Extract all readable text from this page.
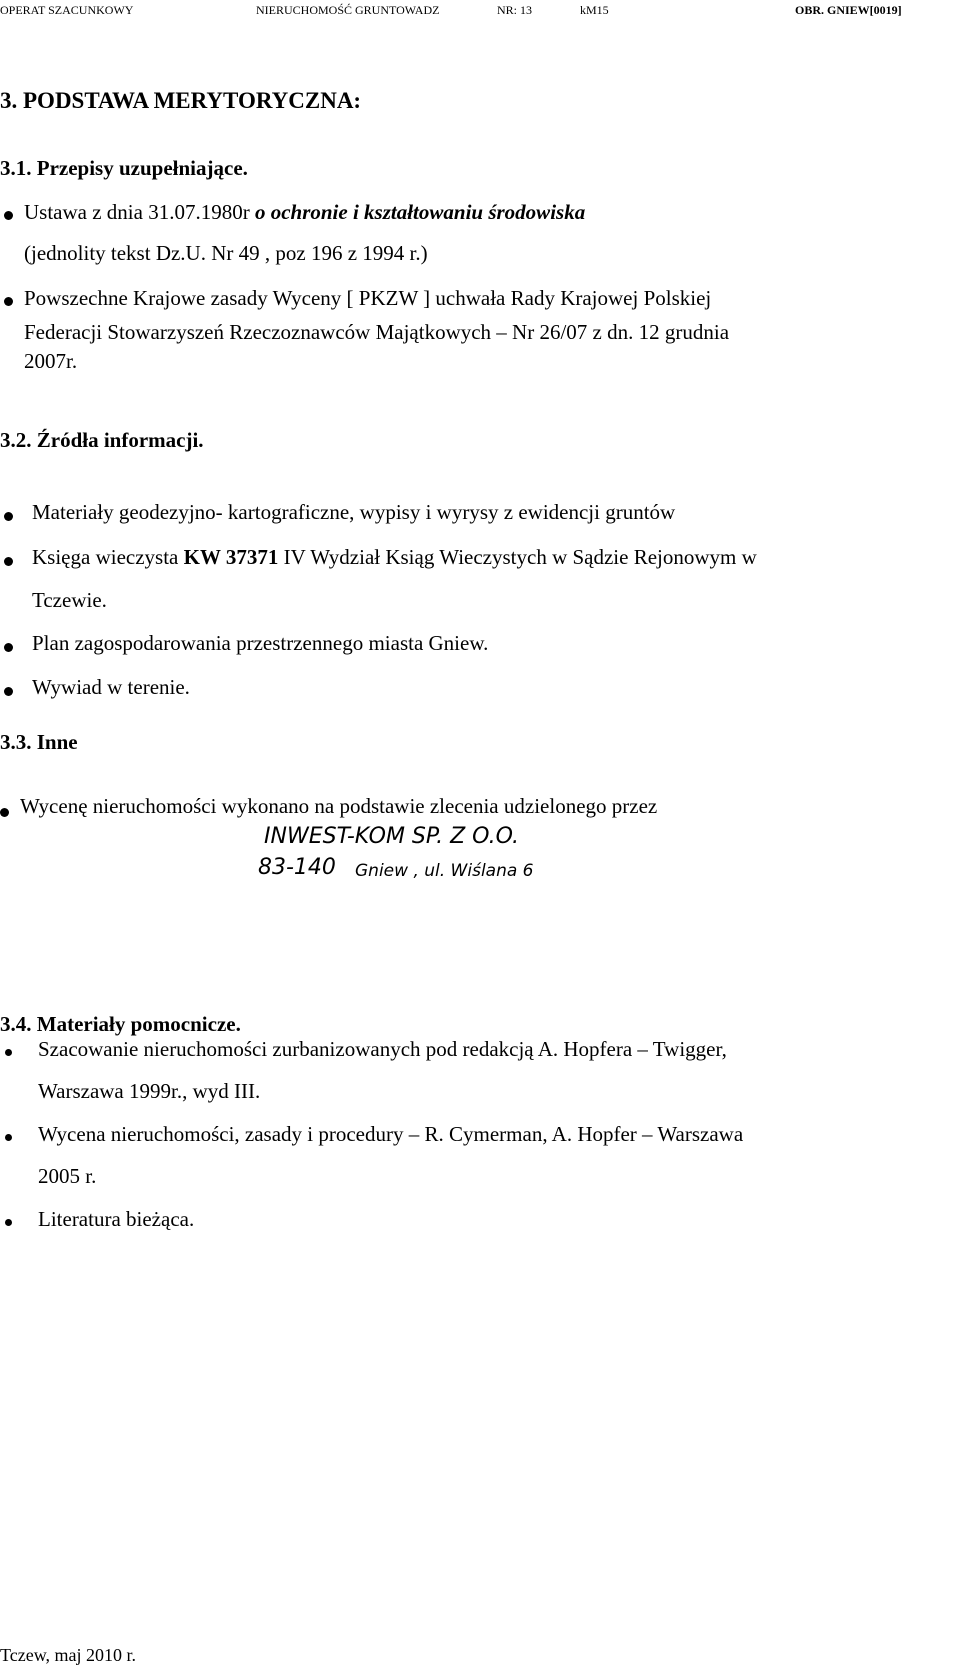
OPERAT SZACUNKOWY	NIERUCHOMOŚĆ GRUNTOWADZ	NR: 13	kM15	OBR. GNIEW[0019]
3. PODSTAWA MERYTORYCZNA:
3.1. Przepisy uzupełniające.
Ustawa z dnia 31.07.1980r o ochronie i kształtowaniu środowiska
(jednolity tekst Dz.U. Nr 49 , poz 196 z 1994 r.)
Powszechne Krajowe zasady Wyceny [ PKZW ] uchwała Rady Krajowej Polskiej
Federacji Stowarzyszeń Rzeczoznawców Majątkowych – Nr 26/07 z dn. 12 grudnia
2007r.
3.2. Źródła informacji.
Materiały geodezyjno- kartograficzne, wypisy i wyrysy z ewidencji gruntów
Księga wieczysta KW 37371 IV Wydział Ksiąg Wieczystych w Sądzie Rejonowym w
Tczewie.
Plan zagospodarowania przestrzennego miasta Gniew.
Wywiad w terenie.
3.3. Inne
Wycenę nieruchomości wykonano na podstawie zlecenia udzielonego przez
INWEST-KOM SP. Z O.O.
83-140 Gniew , ul. Wiślana 6
3.4. Materiały pomocnicze.
Szacowanie nieruchomości zurbanizowanych pod redakcją A. Hopfera – Twigger,
Warszawa 1999r., wyd III.
Wycena nieruchomości, zasady i procedury – R. Cymerman, A. Hopfer – Warszawa
2005 r.
Literatura bieżąca.
Tczew, maj 2010 r.
